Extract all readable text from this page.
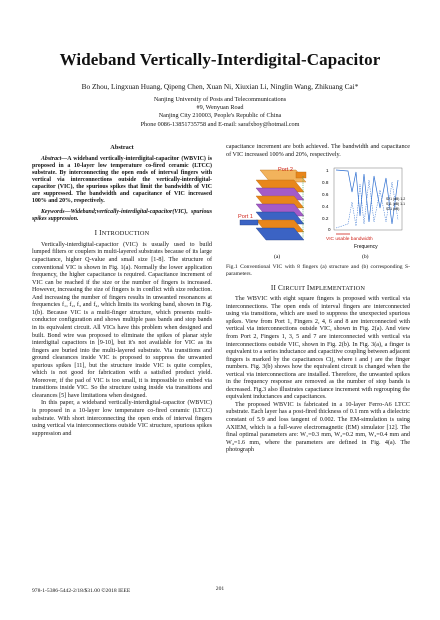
Wideband Vertically-Interdigital-Capacitor
Bo Zhou, Lingxuan Huang, Qipeng Chen, Xuan Ni, Xiuxian Li, Ninglin Wang, Zhikuang Cai*
Nanjing University of Posts and Telecommunications
#9, Wenyuan Road
Nanjing City 210003, People's Republic of China
Phone 0086-13851735758 and E-mail: sarafxboy@hotmail.com
Abstract

Abstract—A wideband vertically-interdigital-capacitor (WBVIC) is proposed in a 10-layer low temperature co-fired ceramic (LTCC) substrate. By interconnecting the open ends of interval fingers with vertical via interconnections outside the vertically-interdigital-capacitor (VIC), the spurious spikes that limit the bandwidth of VIC are suppressed. The bandwidth and capacitance of VIC increased 100% and 20%, respectively.

Keywords—Wideband;vertically-interdigital-capacitor(VIC), spurious spikes suppression.

I INTRODUCTION

Vertically-interdigital-capacitor (VIC) is usually used to build lumped filters or couplers in multi-layered substrates because of its large capacitance, higher Q-value and small size [1-8]. The structure of conventional VIC is shown in Fig. 1(a). Normally the lower application frequency, the higher capacitance is required. Capacitance increment of VIC can be reached if the size or the number of fingers is increased. However, increasing the size of fingers is in conflict with size reduction. And increasing the number of fingers results in unwanted resonances at frequencies f₁, f₂, f₃ and f₄, which limits its working band, shown in Fig. 1(b). Because VIC is a multi-finger structure, which presents multi-conductor configuration and shows multiple pass bands and stop bands in its equivalent circuit. All VICs have this problem when designed and built. Bond wire was proposed to eliminate the spikes of planar style interdigital capacitors in [9-10], but it's not available for VIC as its fingers are buried into the multi-layered substrate. Via transitions and ground clearances inside VIC is proposed to suppress the unwanted spurious spikes [11], but the structure inside VIC is quite complex, which is not good for fabrication with a satisfied product yield. Moreover, if the pad of VIC is too small, it is impossible to embed via transitions inside VIC. So the structure using inside via transitions and clearances [5] have limitations when designed.

In this paper, a wideband vertically-interdigital-capacitor (WBVIC) is proposed in a 10-layer low temperature co-fired ceramic (LTCC) substrate. With short interconnecting the open ends of interval fingers using vertical via interconnections outside VIC structure, spurious spikes suppression and

capacitance increment are both achieved. The bandwidth and capacitance of VIC increased 100% and 20%, respectively.

Port 2
Port 1
1
0.8
0.6
0.4
0.2
0
VIC usable bandwidth
Frequency
S21 (dB) 1-2
S11 (dB) 1-1
S21 (dB)
(a)	(b)

Fig.1 Conventional VIC with 8 fingers (a) structure and (b) corresponding S-parameters.

II CIRCUIT IMPLEMENTATION

The WBVIC with eight square fingers is proposed with vertical via interconnections. The open ends of interval fingers are interconnected using via transitions, which are used to suppress the unexpected spurious spikes. View from Port 1, Fingers 2, 4, 6 and 8 are interconnected with vertical via interconnections outside VIC, shown in Fig. 2(a). And view from Port 2, Fingers 1, 3, 5 and 7 are interconnected with vertical via interconnections outside VIC, shown in Fig. 2(b). In Fig. 3(a), a finger is equivalent to a series inductance and capacitive coupling between adjacent fingers is marked by the capacitances Cij, where i and j are the finger numbers. Fig. 3(b) shows how the equivalent circuit is changed when the vertical via interconnections are installed. Therefore, the unwanted spikes in the frequency response are removed as the number of stop bands is decreased. Fig.3 also illustrates capacitance increment with regrouping the equivalent inductances and capacitances.

The proposed WBVIC is fabricated in a 10-layer Ferro-A6 LTCC substrate. Each layer has a post-fired thickness of 0.1 mm with a dielectric constant of 5.9 and loss tangent of 0.002. The EM-simulation is using AXIEM, which is a full-wave electromagnetic (EM) simulator [12]. The final optimal parameters are: W₁=0.3 mm, W₂=0.2 mm, W₃=0.4 mm and W₄=1.6 mm, where the parameters are defined in Fig. 4(a). The photograph

978-1-5386-5442-2/18/$31.00 ©2018 IEEE	201
